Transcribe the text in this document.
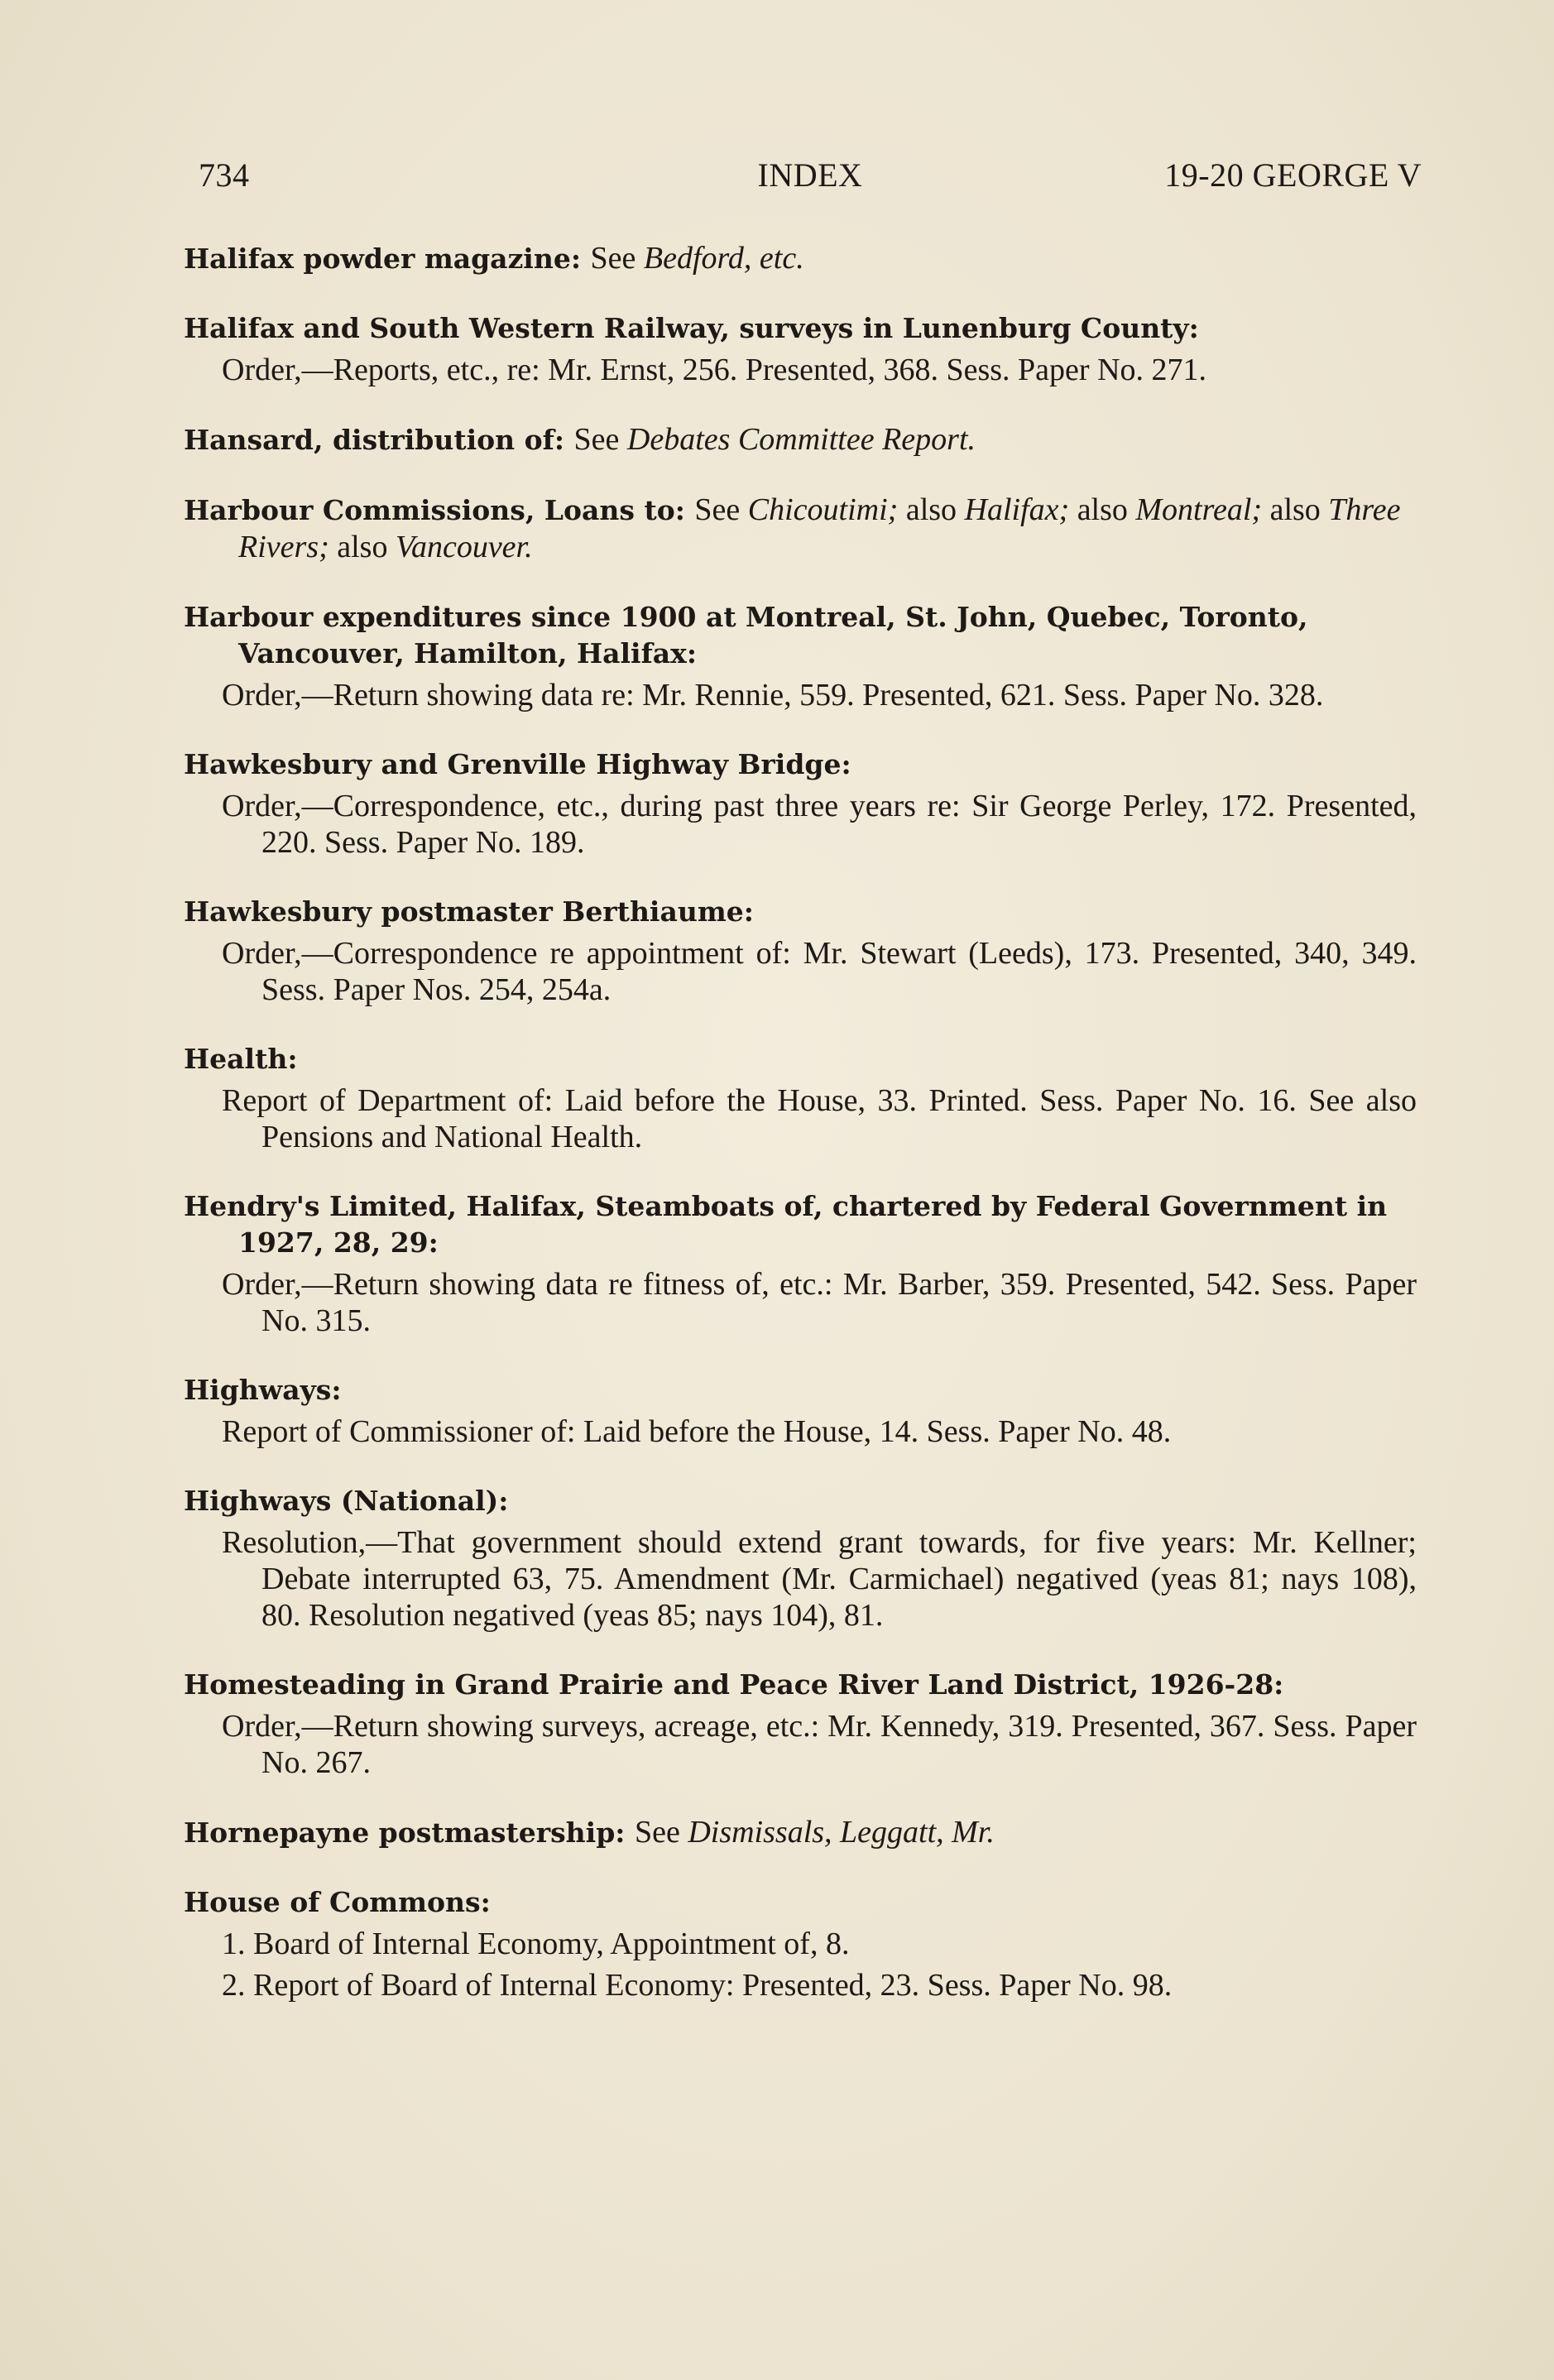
734	INDEX	19-20 GEORGE V

Halifax powder magazine: See Bedford, etc.

Halifax and South Western Railway, surveys in Lunenburg County:

Order,—Reports, etc., re: Mr. Ernst, 256. Presented, 368. Sess. Paper No. 271.

Hansard, distribution of: See Debates Committee Report.

Harbour Commissions, Loans to: See Chicoutimi; also Halifax; also Montreal; also Three Rivers; also Vancouver.

Harbour expenditures since 1900 at Montreal, St. John, Quebec, Toronto, Vancouver, Hamilton, Halifax:

Order,—Return showing data re: Mr. Rennie, 559. Presented, 621. Sess. Paper No. 328.

Hawkesbury and Grenville Highway Bridge:

Order,—Correspondence, etc., during past three years re: Sir George Perley, 172. Presented, 220. Sess. Paper No. 189.

Hawkesbury postmaster Berthiaume:

Order,—Correspondence re appointment of: Mr. Stewart (Leeds), 173. Presented, 340, 349. Sess. Paper Nos. 254, 254a.

Health:

Report of Department of: Laid before the House, 33. Printed. Sess. Paper No. 16. See also Pensions and National Health.

Hendry's Limited, Halifax, Steamboats of, chartered by Federal Government in 1927, 28, 29:

Order,—Return showing data re fitness of, etc.: Mr. Barber, 359. Presented, 542. Sess. Paper No. 315.

Highways:

Report of Commissioner of: Laid before the House, 14. Sess. Paper No. 48.

Highways (National):

Resolution,—That government should extend grant towards, for five years: Mr. Kellner; Debate interrupted 63, 75. Amendment (Mr. Carmichael) negatived (yeas 81; nays 108), 80. Resolution negatived (yeas 85; nays 104), 81.

Homesteading in Grand Prairie and Peace River Land District, 1926-28:

Order,—Return showing surveys, acreage, etc.: Mr. Kennedy, 319. Presented, 367. Sess. Paper No. 267.

Hornepayne postmastership: See Dismissals, Leggatt, Mr.

House of Commons:

1. Board of Internal Economy, Appointment of, 8.

2. Report of Board of Internal Economy: Presented, 23. Sess. Paper No. 98.
